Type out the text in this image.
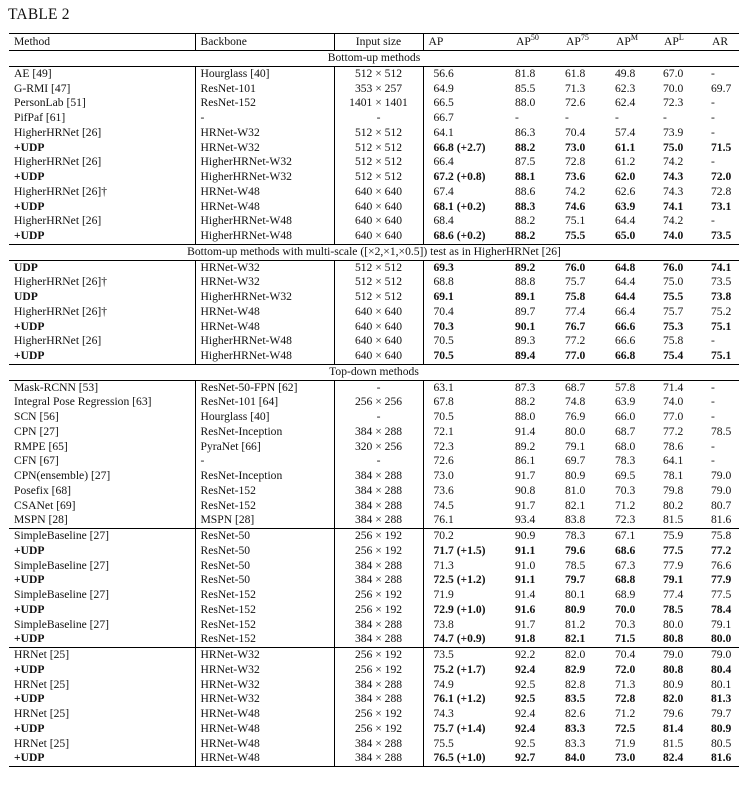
TABLE 2
Method	Backbone	Input size	AP	AP$^{50}$	AP$^{75}$	$AP^M$	$AP^L$	AR
Bottom-up methods								
AE [49]	Hourglass [40]	512 × 512	56.6	81.8	61.8	49.8	67.0	-
G-RMI [47]	ResNet-101	353 × 257	64.9	85.5	71.3	62.3	70.0	69.7
PersonLab [51]	ResNet-152	1401 × 1401	66.5	88.0	72.6	62.4	72.3	-
PifPaf [61]	-	-	66.7	-	-	-	-	-
HigherHRNet [26]	HRNet-W32	512 × 512	64.1	86.3	70.4	57.4	73.9	-
+UDP	HRNet-W32	512 × 512	66.8 (+2.7)	88.2	73.0	61.1	75.0	71.5
HigherHRNet [26]	HigherHRNet-W32	512 × 512	66.4	87.5	72.8	61.2	74.2	-
+UDP	HigherHRNet-W32	512 × 512	67.2 (+0.8)	88.1	73.6	62.0	74.3	72.0
HigherHRNet [26]†	HRNet-W48	640 × 640	67.4	88.6	74.2	62.6	74.3	72.8
+UDP	HRNet-W48	640 × 640	68.1 (+0.2)	88.3	74.6	63.9	74.1	73.1
HigherHRNet [26]	HigherHRNet-W48	640 × 640	68.4	88.2	75.1	64.4	74.2	-
+UDP	HigherHRNet-W48	640 × 640	68.6 (+0.2)	88.2	75.5	65.0	74.0	73.5
Bottom-up methods with multi-scale ([×2,×1,×0.5]) test as in HigherHRNet [26]								
UDP	HRNet-W32	512 × 512	69.3	89.2	76.0	64.8	76.0	74.1
HigherHRNet [26]†	HRNet-W32	512 × 512	68.8	88.8	75.7	64.4	75.0	73.5
UDP	HigherHRNet-W32	512 × 512	69.1	89.1	75.8	64.4	75.5	73.8
HigherHRNet [26]†	HRNet-W48	640 × 640	70.4	89.7	77.4	66.4	75.7	75.2
+UDP	HRNet-W48	640 × 640	70.3	90.1	76.7	66.6	75.3	75.1
HigherHRNet [26]	HigherHRNet-W48	640 × 640	70.5	89.3	77.2	66.6	75.8	-
+UDP	HigherHRNet-W48	640 × 640	70.5	89.4	77.0	66.8	75.4	75.1
Top-down methods								
Mask-RCNN [53]	ResNet-50-FPN [62]	-	63.1	87.3	68.7	57.8	71.4	-
Integral Pose Regression [63]	ResNet-101 [64]	256 × 256	67.8	88.2	74.8	63.9	74.0	-
SCN [56]	Hourglass [40]	-	70.5	88.0	76.9	66.0	77.0	-
CPN [27]	ResNet-Inception	384 × 288	72.1	91.4	80.0	68.7	77.2	78.5
RMPE [65]	PyraNet [66]	320 × 256	72.3	89.2	79.1	68.0	78.6	-
CFN [67]	-	-	72.6	86.1	69.7	78.3	64.1	-
CPN(ensemble) [27]	ResNet-Inception	384 × 288	73.0	91.7	80.9	69.5	78.1	79.0
Posefix [68]	ResNet-152	384 × 288	73.6	90.8	81.0	70.3	79.8	79.0
CSANet [69]	ResNet-152	384 × 288	74.5	91.7	82.1	71.2	80.2	80.7
MSPN [28]	MSPN [28]	384 × 288	76.1	93.4	83.8	72.3	81.5	81.6
SimpleBaseline [27]	ResNet-50	256 × 192	70.2	90.9	78.3	67.1	75.9	75.8
+UDP	ResNet-50	256 × 192	71.7 (+1.5)	91.1	79.6	68.6	77.5	77.2
SimpleBaseline [27]	ResNet-50	384 × 288	71.3	91.0	78.5	67.3	77.9	76.6
+UDP	ResNet-50	384 × 288	72.5 (+1.2)	91.1	79.7	68.8	79.1	77.9
SimpleBaseline [27]	ResNet-152	256 × 192	71.9	91.4	80.1	68.9	77.4	77.5
+UDP	ResNet-152	256 × 192	72.9 (+1.0)	91.6	80.9	70.0	78.5	78.4
SimpleBaseline [27]	ResNet-152	384 × 288	73.8	91.7	81.2	70.3	80.0	79.1
+UDP	ResNet-152	384 × 288	74.7 (+0.9)	91.8	82.1	71.5	80.8	80.0
HRNet [25]	HRNet-W32	256 × 192	73.5	92.2	82.0	70.4	79.0	79.0
+UDP	HRNet-W32	256 × 192	75.2 (+1.7)	92.4	82.9	72.0	80.8	80.4
HRNet [25]	HRNet-W32	384 × 288	74.9	92.5	82.8	71.3	80.9	80.1
+UDP	HRNet-W32	384 × 288	76.1 (+1.2)	92.5	83.5	72.8	82.0	81.3
HRNet [25]	HRNet-W48	256 × 192	74.3	92.4	82.6	71.2	79.6	79.7
+UDP	HRNet-W48	256 × 192	75.7 (+1.4)	92.4	83.3	72.5	81.4	80.9
HRNet [25]	HRNet-W48	384 × 288	75.5	92.5	83.3	71.9	81.5	80.5
+UDP	HRNet-W48	384 × 288	76.5 (+1.0)	92.7	84.0	73.0	82.4	81.6
